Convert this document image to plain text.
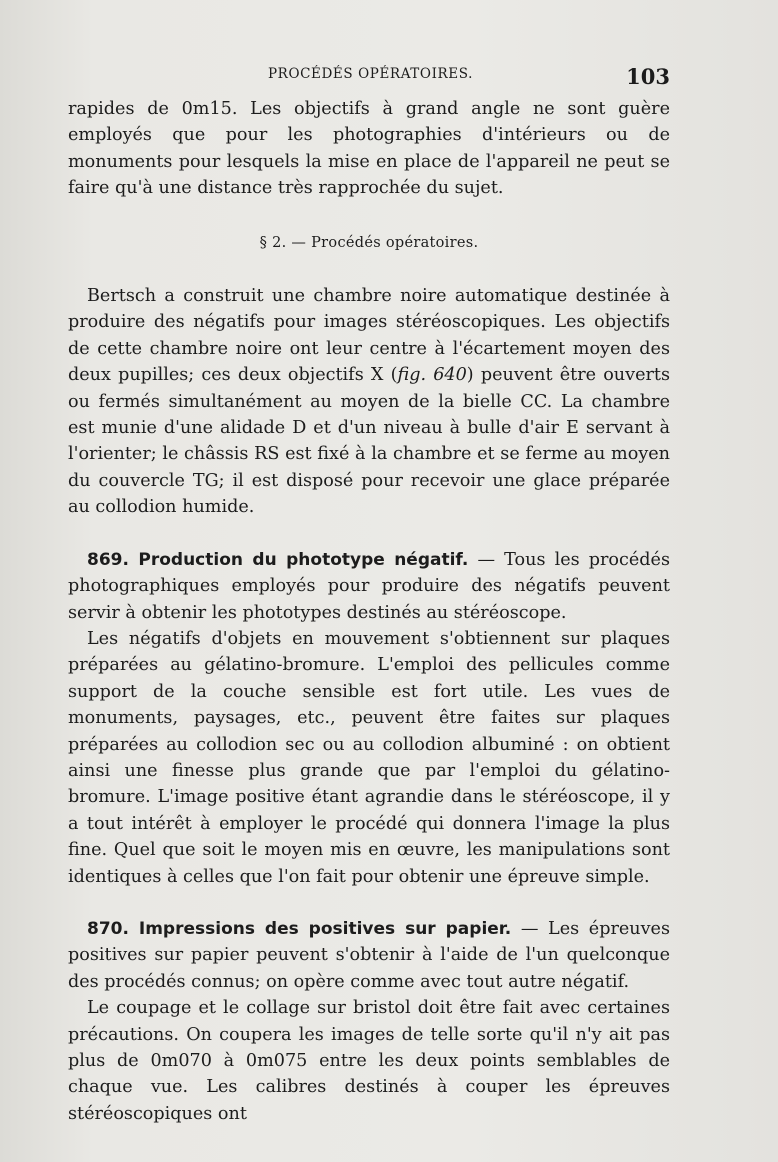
PROCÉDÉS OPÉRATOIRES.	103

rapides de 0m15. Les objectifs à grand angle ne sont guère employés que pour les photographies d'intérieurs ou de monuments pour lesquels la mise en place de l'appareil ne peut se faire qu'à une distance très rapprochée du sujet.

§ 2. — Procédés opératoires.

Bertsch a construit une chambre noire automatique destinée à produire des négatifs pour images stéréoscopiques. Les objectifs de cette chambre noire ont leur centre à l'écartement moyen des deux pupilles; ces deux objectifs X (fig. 640) peuvent être ouverts ou fermés simultanément au moyen de la bielle CC. La chambre est munie d'une alidade D et d'un niveau à bulle d'air E servant à l'orienter; le châssis RS est fixé à la chambre et se ferme au moyen du couvercle TG; il est disposé pour recevoir une glace préparée au collodion humide.

869. Production du phototype négatif. — Tous les procédés photographiques employés pour produire des négatifs peuvent servir à obtenir les phototypes destinés au stéréoscope.

Les négatifs d'objets en mouvement s'obtiennent sur plaques préparées au gélatino-bromure. L'emploi des pellicules comme support de la couche sensible est fort utile. Les vues de monuments, paysages, etc., peuvent être faites sur plaques préparées au collodion sec ou au collodion albuminé : on obtient ainsi une finesse plus grande que par l'emploi du gélatino-bromure. L'image positive étant agrandie dans le stéréoscope, il y a tout intérêt à employer le procédé qui donnera l'image la plus fine. Quel que soit le moyen mis en œuvre, les manipulations sont identiques à celles que l'on fait pour obtenir une épreuve simple.

870. Impressions des positives sur papier. — Les épreuves positives sur papier peuvent s'obtenir à l'aide de l'un quelconque des procédés connus; on opère comme avec tout autre négatif.

Le coupage et le collage sur bristol doit être fait avec certaines précautions. On coupera les images de telle sorte qu'il n'y ait pas plus de 0m070 à 0m075 entre les deux points semblables de chaque vue. Les calibres destinés à couper les épreuves stéréoscopiques ont
